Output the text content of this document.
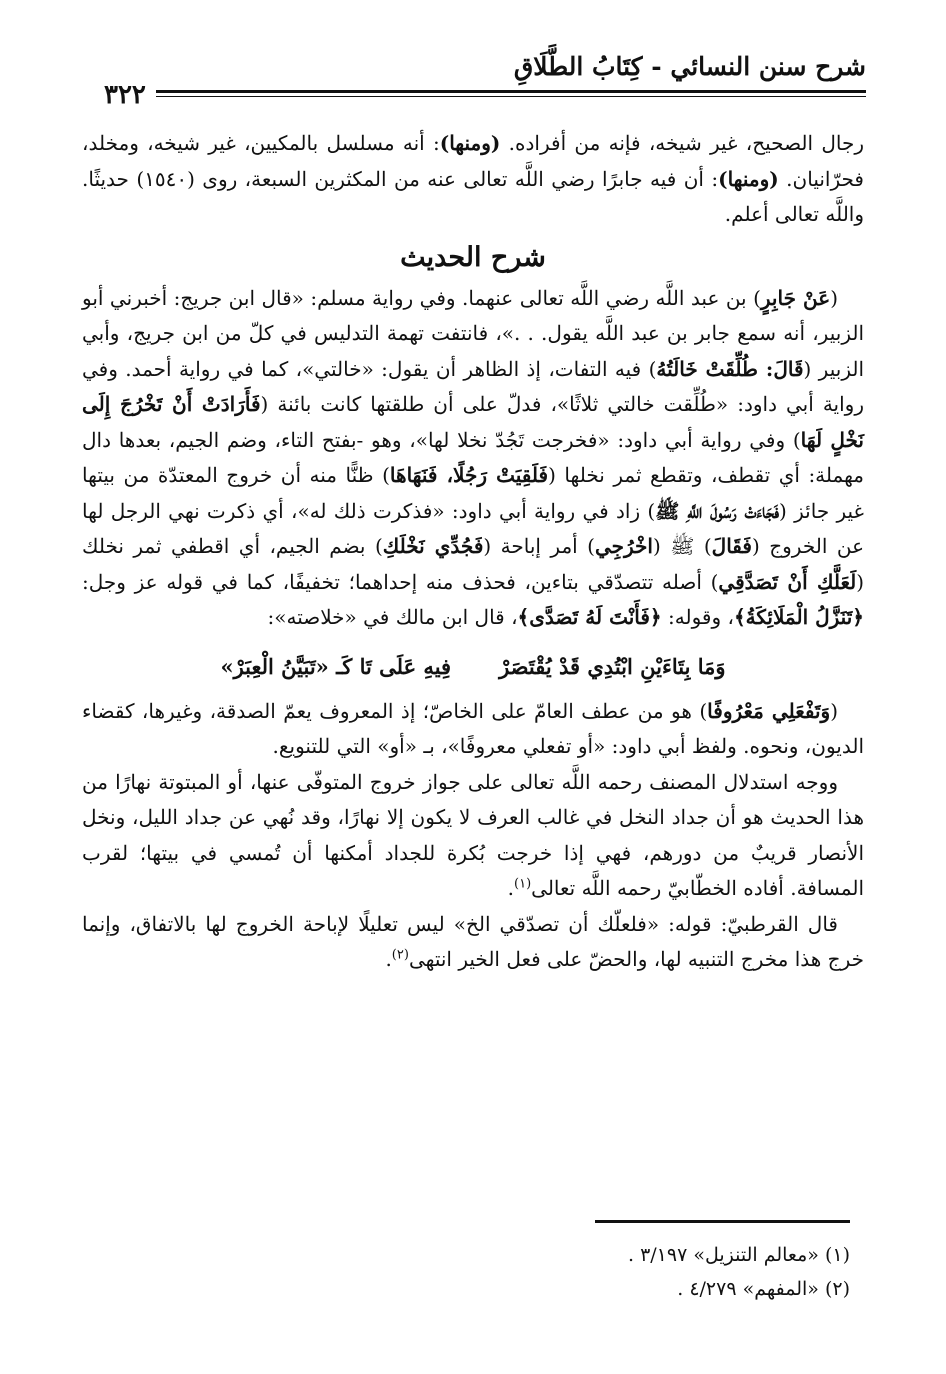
شرح سنن النسائي - كِتَابُ الطَّلَاقِ
٣٢٢

رجال الصحيح، غير شيخه، فإنه من أفراده. (ومنها): أنه مسلسل بالمكيين، غير شيخه، ومخلد، فحرّانيان. (ومنها): أن فيه جابرًا رضي اللَّه تعالى عنه من المكثرين السبعة، روى (١٥٤٠) حديثًا. واللَّه تعالى أعلم.

شرح الحديث

(عَنْ جَابِرٍ) بن عبد اللَّه رضي اللَّه تعالى عنهما. وفي رواية مسلم: «قال ابن جريج: أخبرني أبو الزبير، أنه سمع جابر بن عبد اللَّه يقول. . .»، فانتفت تهمة التدليس في كلّ من ابن جريج، وأبي الزبير (قَالَ: طُلِّقَتْ خَالَتُهُ) فيه التفات، إذ الظاهر أن يقول: «خالتي»، كما في رواية أحمد. وفي رواية أبي داود: «طُلِّقت خالتي ثلاثًا»، فدلّ على أن طلقتها كانت بائنة (فَأَرَادَتْ أَنْ تَخْرُجَ إِلَى نَخْلٍ لَهَا) وفي رواية أبي داود: «فخرجت تَجُدّ نخلا لها»، وهو -بفتح التاء، وضم الجيم، بعدها دال مهملة: أي تقطف، وتقطع ثمر نخلها (فَلَقِيَتْ رَجُلًا، فَنَهَاهَا) ظنًّا منه أن خروج المعتدّة من بيتها غير جائز (فَجَاءَتْ رَسُولَ اللَّهِ ﷺ) زاد في رواية أبي داود: «فذكرت ذلك له»، أي ذكرت نهي الرجل لها عن الخروج (فَقَالَ) ﷺ (اخْرُجِي) أمر إباحة (فَجُدِّي نَخْلَكِ) بضم الجيم، أي اقطفي ثمر نخلك (لَعَلَّكِ أَنْ تَصَدَّقِي) أصله تتصدّقي بتاءين، فحذف منه إحداهما؛ تخفيفًا، كما في قوله عز وجل: ﴿تَنَزَّلُ الْمَلَائِكَةُ﴾، وقوله: ﴿فَأَنْتَ لَهُ تَصَدَّى﴾، قال ابن مالك في «خلاصته»:

وَمَا بِتَاءَيْنِ ابْتُدِي قَدْ يُقْتَصَرْفِيهِ عَلَى تَا كَـ «تَبَيَّنُ الْعِبَرْ»

(وَتَفْعَلِي مَعْرُوفًا) هو من عطف العامّ على الخاصّ؛ إذ المعروف يعمّ الصدقة، وغيرها، كقضاء الديون، ونحوه. ولفظ أبي داود: «أو تفعلي معروفًا»، بـ «أو» التي للتنويع.

ووجه استدلال المصنف رحمه اللَّه تعالى على جواز خروج المتوفّى عنها، أو المبتوتة نهارًا من هذا الحديث هو أن جداد النخل في غالب العرف لا يكون إلا نهارًا، وقد نُهي عن جداد الليل، ونخل الأنصار قريبٌ من دورهم، فهي إذا خرجت بُكرة للجداد أمكنها أن تُمسي في بيتها؛ لقرب المسافة. أفاده الخطّابيّ رحمه اللَّه تعالى$^{(١)}$.

قال القرطبيّ: قوله: «فلعلّك أن تصدّقي الخ» ليس تعليلًا لإباحة الخروج لها بالاتفاق، وإنما خرج هذا مخرج التنبيه لها، والحضّ على فعل الخير انتهى$^{(٢)}$.

(١) «معالم التنزيل» ٣/١٩٧ .

(٢) «المفهم» ٤/٢٧٩ .
